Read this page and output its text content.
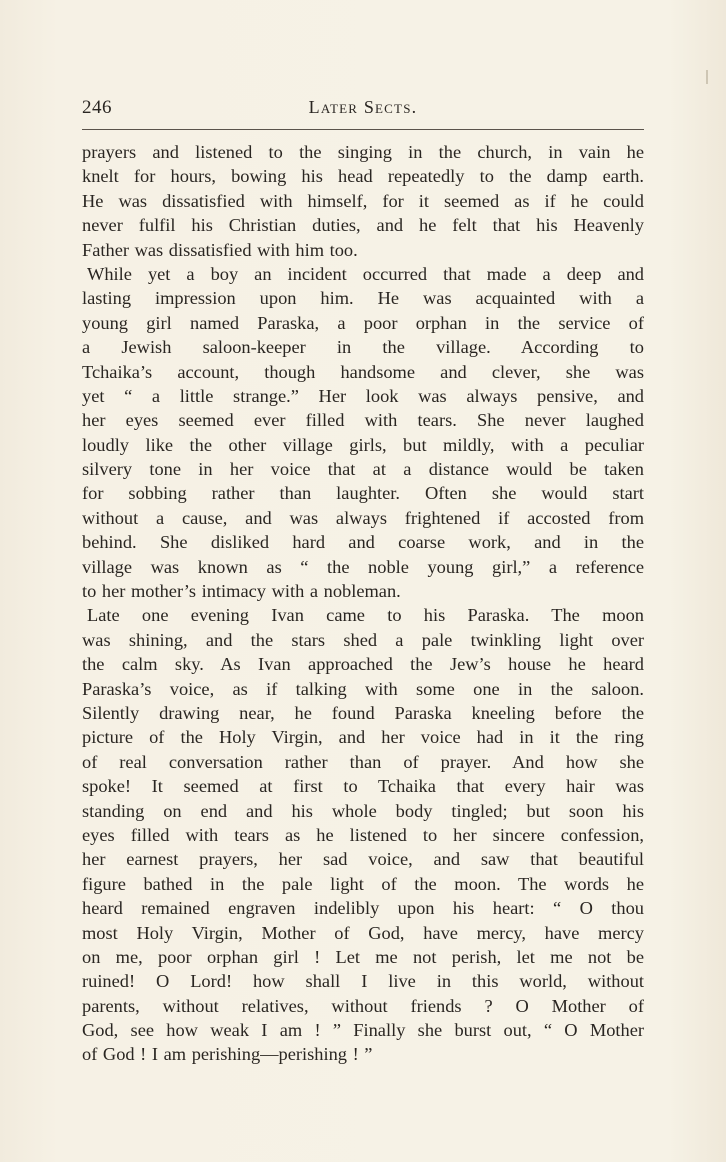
246	Later Sects.
prayers and listened to the singing in the church, in vain he
knelt for hours, bowing his head repeatedly to the damp earth.
He was dissatisfied with himself, for it seemed as if he could
never fulfil his Christian duties, and he felt that his Heavenly
Father was dissatisfied with him too.
While yet a boy an incident occurred that made a deep and
lasting impression upon him. He was acquainted with a
young girl named Paraska, a poor orphan in the service of
a Jewish saloon-keeper in the village. According to
Tchaika’s account, though handsome and clever, she was
yet “ a little strange.” Her look was always pensive, and
her eyes seemed ever filled with tears. She never laughed
loudly like the other village girls, but mildly, with a peculiar
silvery tone in her voice that at a distance would be taken
for sobbing rather than laughter. Often she would start
without a cause, and was always frightened if accosted from
behind. She disliked hard and coarse work, and in the
village was known as “ the noble young girl,” a reference
to her mother’s intimacy with a nobleman.
Late one evening Ivan came to his Paraska. The moon
was shining, and the stars shed a pale twinkling light over
the calm sky. As Ivan approached the Jew’s house he heard
Paraska’s voice, as if talking with some one in the saloon.
Silently drawing near, he found Paraska kneeling before the
picture of the Holy Virgin, and her voice had in it the ring
of real conversation rather than of prayer. And how she
spoke! It seemed at first to Tchaika that every hair was
standing on end and his whole body tingled; but soon his
eyes filled with tears as he listened to her sincere confession,
her earnest prayers, her sad voice, and saw that beautiful
figure bathed in the pale light of the moon. The words he
heard remained engraven indelibly upon his heart: “ O thou
most Holy Virgin, Mother of God, have mercy, have mercy
on me, poor orphan girl ! Let me not perish, let me not be
ruined! O Lord! how shall I live in this world, without
parents, without relatives, without friends ? O Mother of
God, see how weak I am ! ” Finally she burst out, “ O Mother
of God ! I am perishing—perishing ! ”
